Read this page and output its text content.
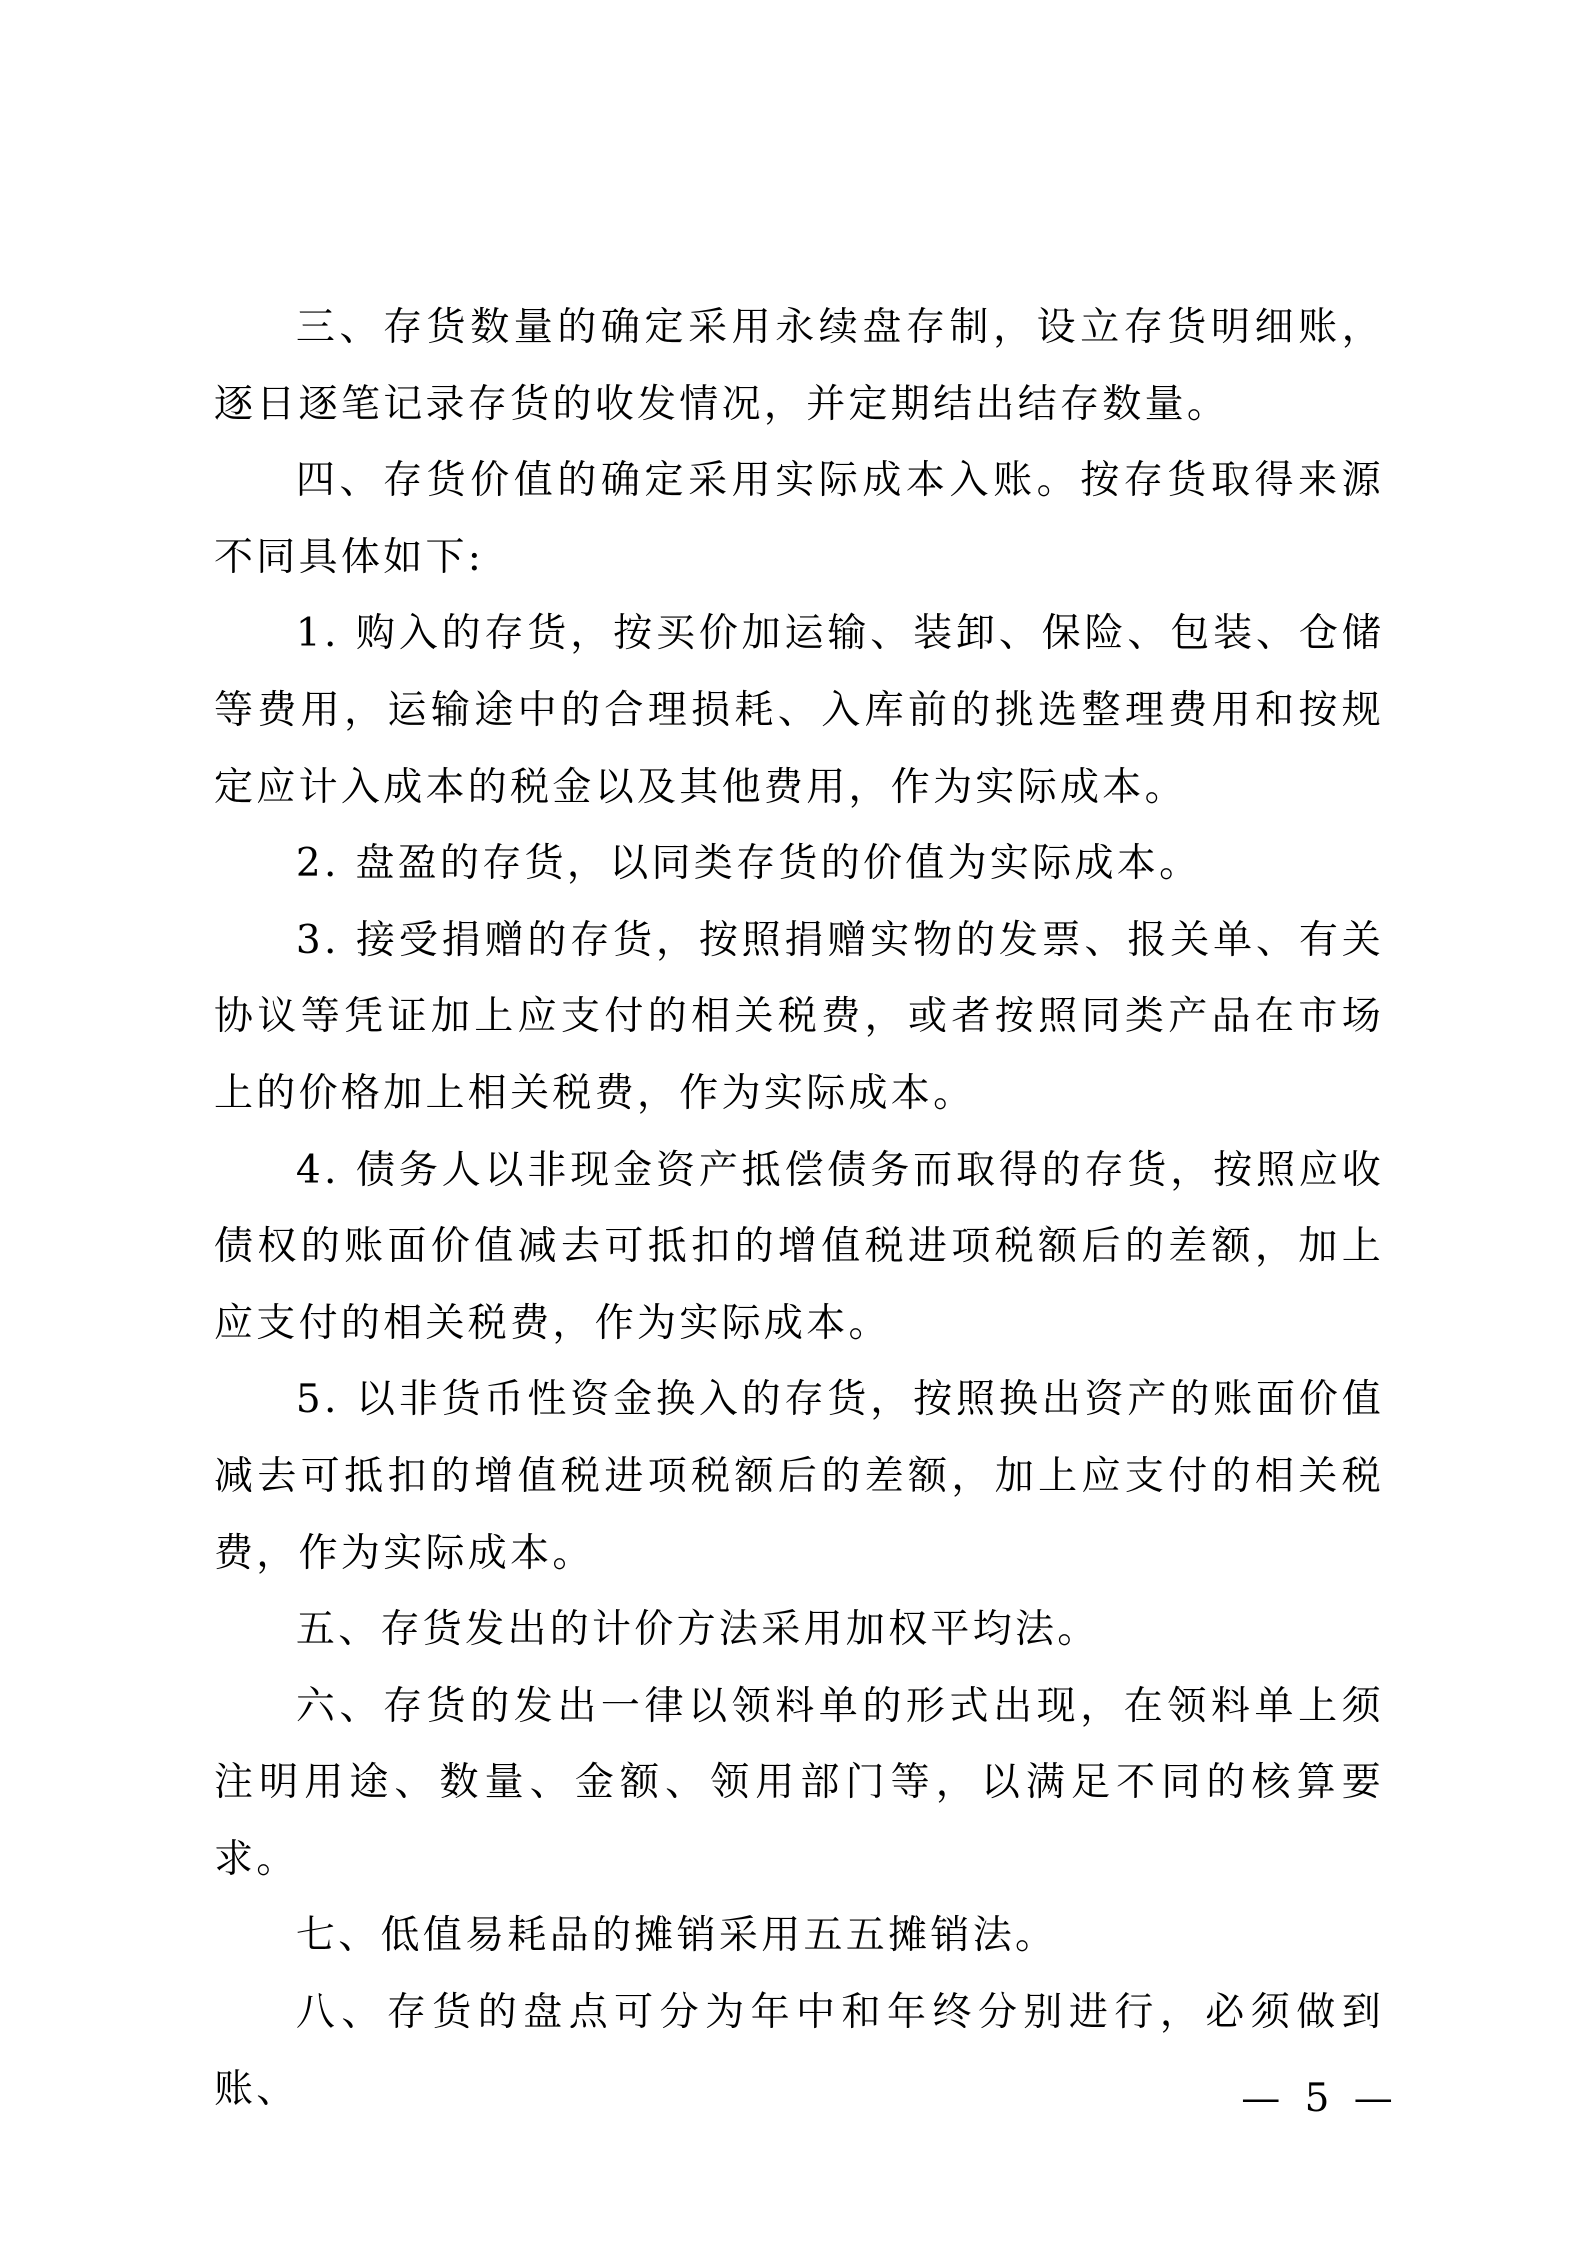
三、存货数量的确定采用永续盘存制，设立存货明细账，逐日逐笔记录存货的收发情况，并定期结出结存数量。

四、存货价值的确定采用实际成本入账。按存货取得来源不同具体如下:

1. 购入的存货，按买价加运输、装卸、保险、包装、仓储等费用，运输途中的合理损耗、入库前的挑选整理费用和按规定应计入成本的税金以及其他费用，作为实际成本。

2. 盘盈的存货，以同类存货的价值为实际成本。

3. 接受捐赠的存货，按照捐赠实物的发票、报关单、有关协议等凭证加上应支付的相关税费，或者按照同类产品在市场上的价格加上相关税费，作为实际成本。

4. 债务人以非现金资产抵偿债务而取得的存货，按照应收债权的账面价值减去可抵扣的增值税进项税额后的差额，加上应支付的相关税费，作为实际成本。

5. 以非货币性资金换入的存货，按照换出资产的账面价值减去可抵扣的增值税进项税额后的差额，加上应支付的相关税费，作为实际成本。

五、存货发出的计价方法采用加权平均法。

六、存货的发出一律以领料单的形式出现，在领料单上须注明用途、数量、金额、领用部门等，以满足不同的核算要求。

七、低值易耗品的摊销采用五五摊销法。

八、存货的盘点可分为年中和年终分别进行，必须做到账、	— 5 —
